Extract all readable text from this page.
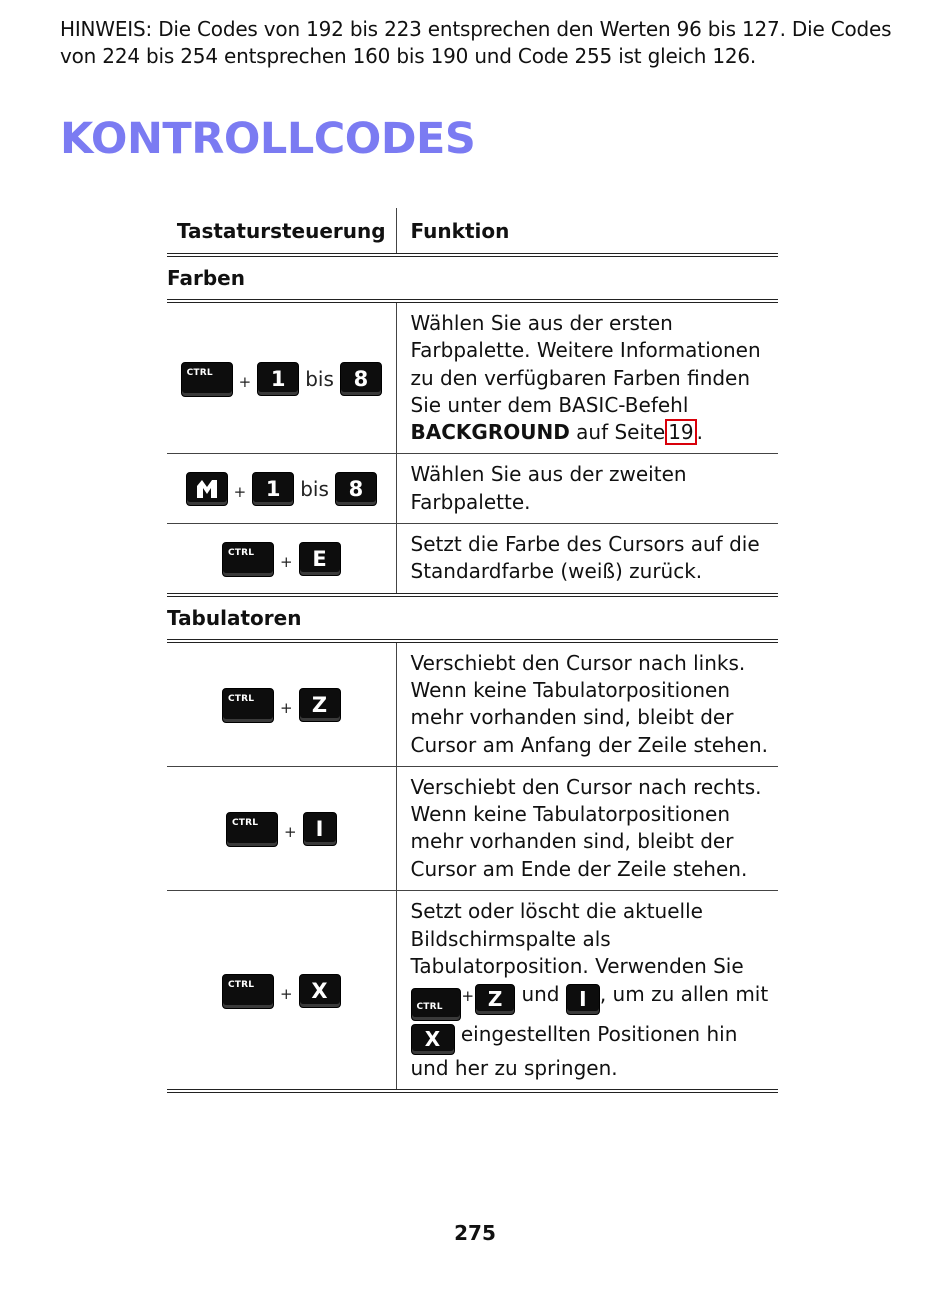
HINWEIS: Die Codes von 192 bis 223 entsprechen den Werten 96 bis 127. Die Codes von 224 bis 254 entsprechen 160 bis 190 und Code 255 ist gleich 126.
KONTROLLCODES
Tastatursteuerung	Funktion
Farben	

CTRL
+ 1 bis 8	Wählen Sie aus der ersten Farbpalette. Weitere Informationen zu den verfügbaren Farben finden Sie unter dem BASIC-Befehl BACKGROUND auf Seite 19 .

+ 1 bis 8	Wählen Sie aus der zweiten Farbpalette.

CTRL
+ E	Setzt die Farbe des Cursors auf die Standardfarbe (weiß) zurück.
Tabulatoren	

CTRL
+ Z	Verschiebt den Cursor nach links. Wenn keine Tabulatorpositionen mehr vorhanden sind, bleibt der Cursor am Anfang der Zeile stehen.

CTRL
+ I	Verschiebt den Cursor nach rechts. Wenn keine Tabulatorpositionen mehr vorhanden sind, bleibt der Cursor am Ende der Zeile stehen.

CTRL
+ X	Setzt oder löscht die aktuelle Bildschirmspalte als Tabulatorposition. Verwenden Sie CTRL+ Z und I , um zu allen mit X eingestellten Positionen hin und her zu springen.
275
